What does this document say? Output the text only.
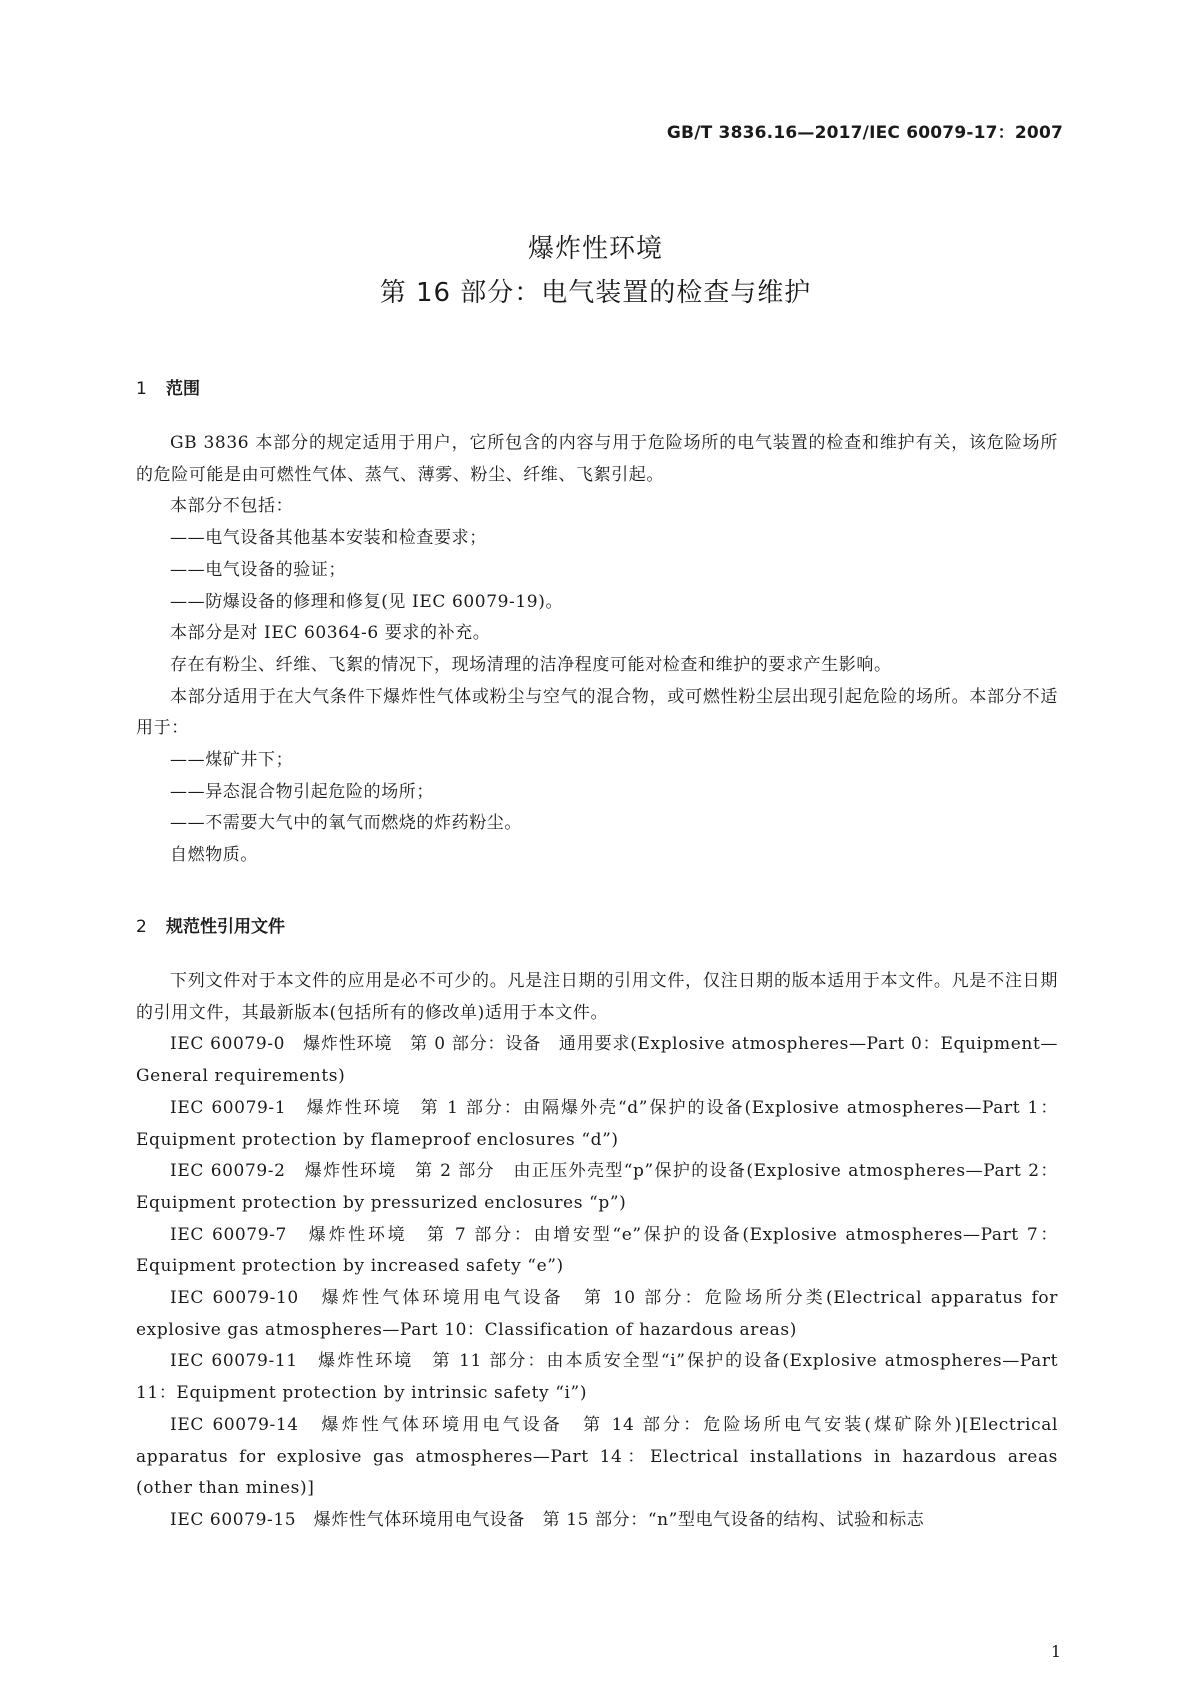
GB/T 3836.16—2017/IEC 60079-17：2007
爆炸性环境
第 16 部分：电气装置的检查与维护
1 范围

GB 3836 本部分的规定适用于用户，它所包含的内容与用于危险场所的电气装置的检查和维护有关，该危险场所的危险可能是由可燃性气体、蒸气、薄雾、粉尘、纤维、飞絮引起。

本部分不包括：

——电气设备其他基本安装和检查要求；

——电气设备的验证；

——防爆设备的修理和修复(见 IEC 60079-19)。

本部分是对 IEC 60364-6 要求的补充。

存在有粉尘、纤维、飞絮的情况下，现场清理的洁净程度可能对检查和维护的要求产生影响。

本部分适用于在大气条件下爆炸性气体或粉尘与空气的混合物，或可燃性粉尘层出现引起危险的场所。本部分不适用于：

——煤矿井下；

——异态混合物引起危险的场所；

——不需要大气中的氧气而燃烧的炸药粉尘。

自燃物质。

2 规范性引用文件

下列文件对于本文件的应用是必不可少的。凡是注日期的引用文件，仅注日期的版本适用于本文件。凡是不注日期的引用文件，其最新版本(包括所有的修改单)适用于本文件。

IEC 60079-0　爆炸性环境　第 0 部分：设备　通用要求(Explosive atmospheres—Part 0：Equipment—General requirements)

IEC 60079-1　爆炸性环境　第 1 部分：由隔爆外壳“d”保护的设备(Explosive atmospheres—Part 1：Equipment protection by flameproof enclosures “d”)

IEC 60079-2　爆炸性环境　第 2 部分　由正压外壳型“p”保护的设备(Explosive atmospheres—Part 2：Equipment protection by pressurized enclosures “p”)

IEC 60079-7　爆炸性环境　第 7 部分：由增安型“e”保护的设备(Explosive atmospheres—Part 7：Equipment protection by increased safety “e”)

IEC 60079-10　爆炸性气体环境用电气设备　第 10 部分：危险场所分类(Electrical apparatus for explosive gas atmospheres—Part 10：Classification of hazardous areas)

IEC 60079-11　爆炸性环境　第 11 部分：由本质安全型“i”保护的设备(Explosive atmospheres—Part 11：Equipment protection by intrinsic safety “i”)

IEC 60079-14　爆炸性气体环境用电气设备　第 14 部分：危险场所电气安装(煤矿除外)[Electrical apparatus for explosive gas atmospheres—Part 14：Electrical installations in hazardous areas (other than mines)]

IEC 60079-15　爆炸性气体环境用电气设备　第 15 部分：“n”型电气设备的结构、试验和标志

1
